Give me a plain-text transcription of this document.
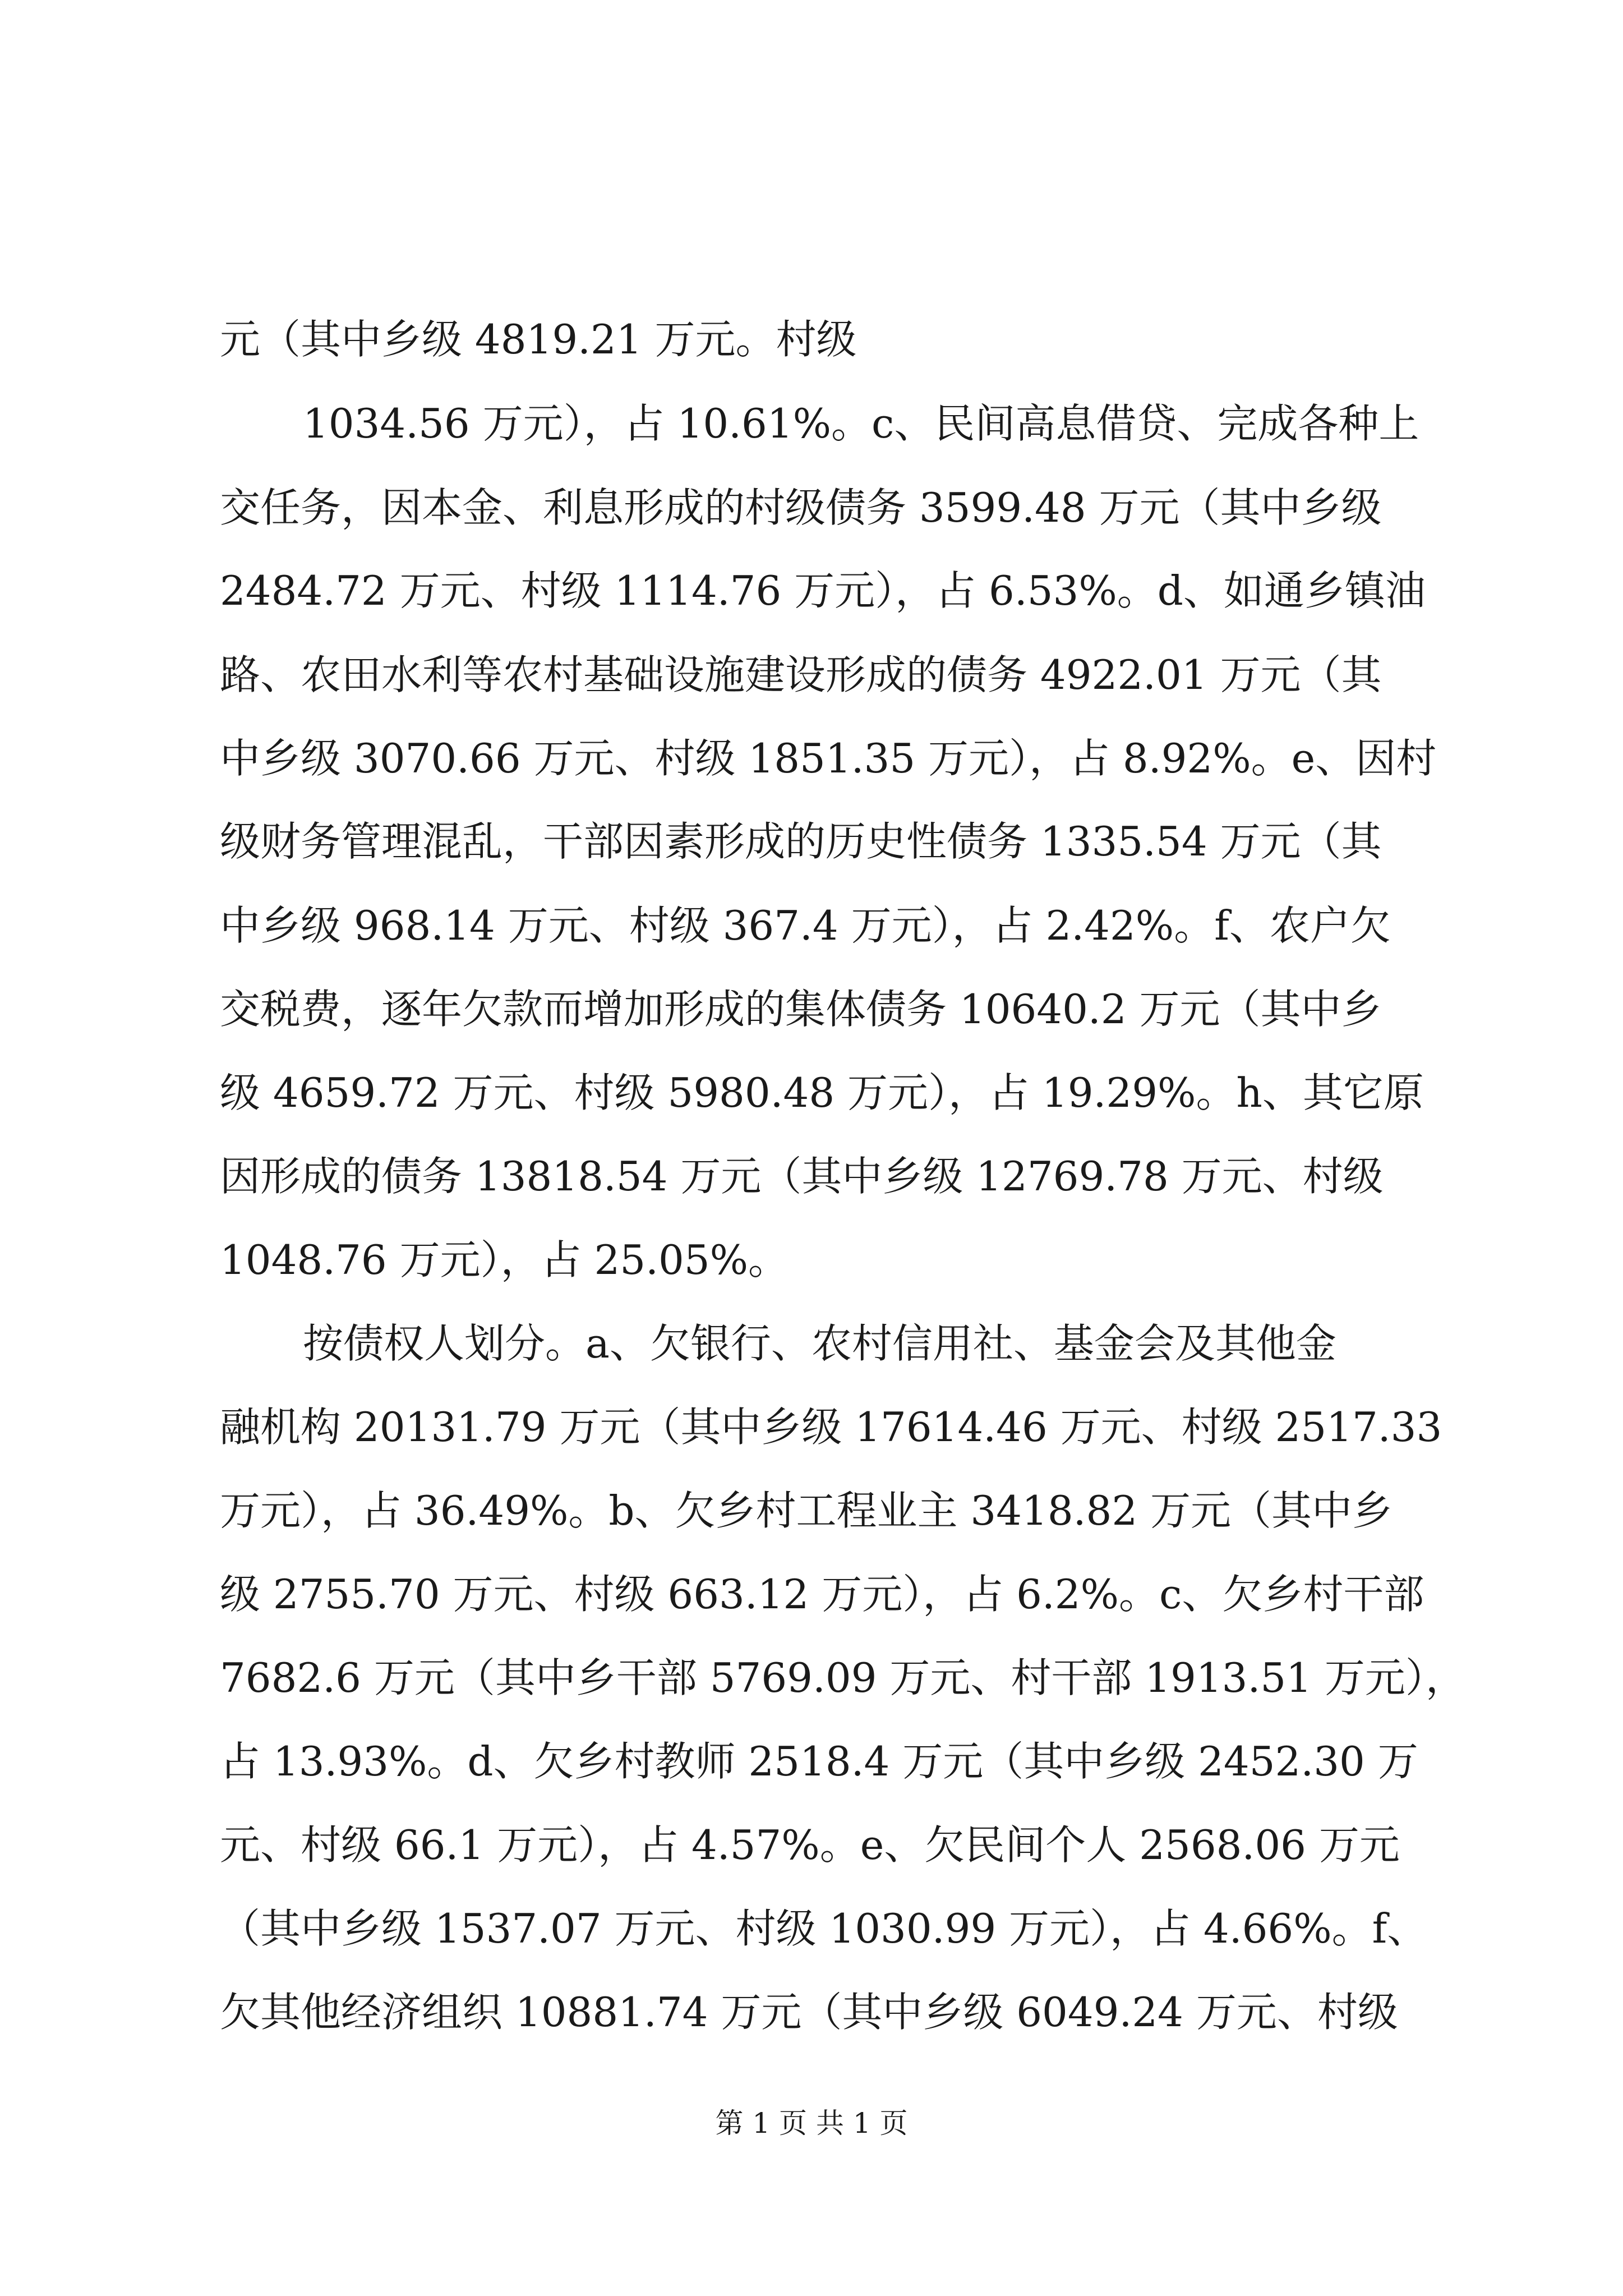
元（其中乡级 4819.21 万元。村级
1034.56 万元），占 10.61%。c、民间高息借贷、完成各种上
交任务，因本金、利息形成的村级债务 3599.48 万元（其中乡级
2484.72 万元、村级 1114.76 万元），占 6.53%。d、如通乡镇油
路、农田水利等农村基础设施建设形成的债务 4922.01 万元（其
中乡级 3070.66 万元、村级 1851.35 万元），占 8.92%。e、因村
级财务管理混乱，干部因素形成的历史性债务 1335.54 万元（其
中乡级 968.14 万元、村级 367.4 万元），占 2.42%。f、农户欠
交税费，逐年欠款而增加形成的集体债务 10640.2 万元（其中乡
级 4659.72 万元、村级 5980.48 万元），占 19.29%。h、其它原
因形成的债务 13818.54 万元（其中乡级 12769.78 万元、村级
1048.76 万元），占 25.05%。
按债权人划分。a、欠银行、农村信用社、基金会及其他金
融机构 20131.79 万元（其中乡级 17614.46 万元、村级 2517.33
万元），占 36.49%。b、欠乡村工程业主 3418.82 万元（其中乡
级 2755.70 万元、村级 663.12 万元），占 6.2%。c、欠乡村干部
7682.6 万元（其中乡干部 5769.09 万元、村干部 1913.51 万元），
占 13.93%。d、欠乡村教师 2518.4 万元（其中乡级 2452.30 万
元、村级 66.1 万元），占 4.57%。e、欠民间个人 2568.06 万元
（其中乡级 1537.07 万元、村级 1030.99 万元），占 4.66%。f、
欠其他经济组织 10881.74 万元（其中乡级 6049.24 万元、村级
第 1 页 共 1 页
